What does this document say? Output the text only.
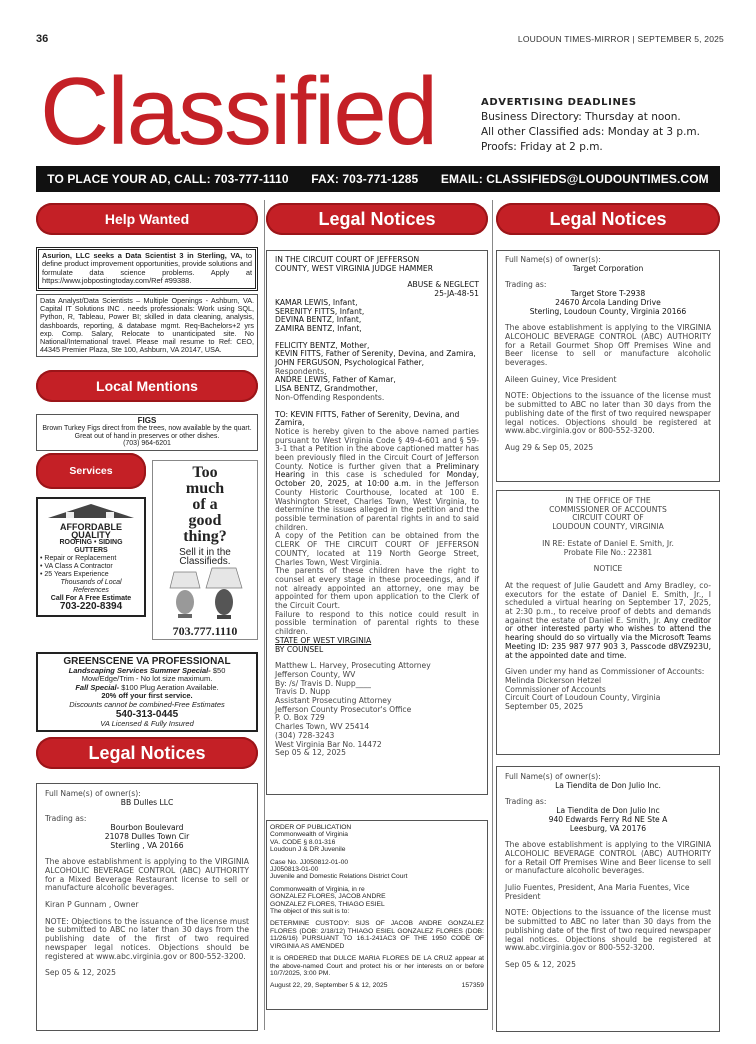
36	LOUDOUN TIMES-MIRROR | SEPTEMBER 5, 2025
Classified	ADVERTISING DEADLINES
Business Directory: Thursday at noon.
All other Classified ads: Monday at 3 p.m.
Proofs: Friday at 2 p.m.
TO PLACE YOUR AD, CALL: 703-777-1110 FAX: 703-771-1285 EMAIL: CLASSIFIEDS@LOUDOUNTIMES.COM
Help Wanted
Asurion, LLC seeks a Data Scientist 3 in Sterling, VA, to define product improvement opportunities, provide solutions and formulate data science problems. Apply at https://www.jobpostingtoday.com/Ref #99388.
Data Analyst/Data Scientists – Multiple Openings - Ashburn, VA. Capital IT Solutions INC . needs professionals: Work using SQL, Python, R, Tableau, Power BI; skilled in data cleaning, analysis, dashboards, reporting, & database mgmt. Req-Bachelors+2 yrs exp. Comp. Salary, Relocate to unanticipated site. No National/International travel. Please mail resume to Ref: CEO, 44345 Premier Plaza, Ste 100, Ashburn, VA 20147, USA.
Local Mentions
FIGS
Brown Turkey Figs direct from the trees, now available by the quart. Great out of hand in preserves or other dishes.
(703) 964-6201
Services
AFFORDABLE
QUALITY
ROOFING • SIDING
GUTTERS
• Repair or Replacement
• VA Class A Contractor
• 25 Years Experience
Thousands of Local
References
Call For A Free Estimate
703-220-8394
Too
much
of a
good
thing?
Sell it in the
Classifieds.
703.777.1110
GREENSCENE VA PROFESSIONAL
Landscaping Services Summer Special- $50
Mow/Edge/Trim - No lot size maximum.
Fall Special- $100 Plug Aeration Available.
20% off your first service.
Discounts cannot be combined-Free Estimates
540-313-0445
VA Licensed & Fully Insured
Legal Notices

Full Name(s) of owner(s):

BB Dulles LLC

Trading as:

Bourbon Boulevard

21078 Dulles Town Cir

Sterling , VA 20166

The above establishment is applying to the VIRGINIA ALCOHOLIC BEVERAGE CONTROL (ABC) AUTHORITY for a Mixed Beverage Restaurant license to sell or manufacture alcoholic beverages.

Kiran P Gunnam , Owner

NOTE: Objections to the issuance of the license must be submitted to ABC no later than 30 days from the publishing date of the first of two required newspaper legal notices. Objections should be registered at www.abc.virginia.gov or 800-552-3200.

Sep 05 & 12, 2025

Legal Notices

IN THE CIRCUIT COURT OF JEFFERSON

COUNTY, WEST VIRGINIA JUDGE HAMMER

ABUSE & NEGLECT

25-JA-48-51

KAMAR LEWIS, Infant,

SERENITY FITTS, Infant,

DEVINA BENTZ, Infant,

ZAMIRA BENTZ, Infant,

FELICITY BENTZ, Mother,

KEVIN FITTS, Father of Serenity, Devina, and Zamira,

JOHN FERGUSON, Psychological Father,

Respondents,

ANDRE LEWIS, Father of Kamar,

LISA BENTZ, Grandmother,

Non-Offending Respondents.

TO: KEVIN FITTS, Father of Serenity, Devina, and Zamira,

Notice is hereby given to the above named parties pursuant to West Virginia Code § 49-4-601 and § 59-3-1 that a Petition in the above captioned matter has been previously filed in the Circuit Court of Jefferson County. Notice is further given that a Preliminary Hearing in this case is scheduled for Monday, October 20, 2025, at 10:00 a.m. in the Jefferson County Historic Courthouse, located at 100 E. Washington Street, Charles Town, West Virginia, to determine the issues alleged in the petition and the possible termination of parental rights in and to said children.

A copy of the Petition can be obtained from the CLERK OF THE CIRCUIT COURT OF JEFFERSON COUNTY, located at 119 North George Street, Charles Town, West Virginia.

The parents of these children have the right to counsel at every stage in these proceedings, and if not already appointed an attorney, one may be appointed for them upon application to the Clerk of the Circuit Court.

Failure to respond to this notice could result in possible termination of parental rights to these children.

STATE OF WEST VIRGINIA

BY COUNSEL

Matthew L. Harvey, Prosecuting Attorney

Jefferson County, WV

By: /s/ Travis D. Nupp____

Travis D. Nupp

Assistant Prosecuting Attorney

Jefferson County Prosecutor's Office

P. O. Box 729

Charles Town, WV 25414

(304) 728-3243

West Virginia Bar No. 14472

Sep 05 & 12, 2025

ORDER OF PUBLICATION
Commonwealth of Virginia
VA. CODE § 8.01-316
Loudoun J & DR Juvenile
Case No. JJ050812-01-00
JJ050813-01-00
Juvenile and Domestic Relations District Court
Commonwealth of Virginia, in re
GONZALEZ FLORES, JACOB ANDRE
GONZALEZ FLORES, THIAGO ESIEL
The object of this suit is to:
DETERMINE CUSTODY: SIJS OF JACOB ANDRE GONZALEZ FLORES (DOB: 2/18/12) THIAGO ESIEL GONZALEZ FLORES (DOB: 11/26/16) PURSUANT TO 16.1-241AC3 OF THE 1950 CODE OF VIRGINIA AS AMENDED
It is ORDERED that DULCE MARIA FLORES DE LA CRUZ appear at the above-named Court and protect his or her interests on or before 10/7/2025, 3:00 PM.
August 22, 29, September 5 & 12, 2025	157359
Legal Notices

Full Name(s) of owner(s):

Target Corporation

Trading as:

Target Store T-2938

24670 Arcola Landing Drive

Sterling, Loudoun County, Virginia 20166

The above establishment is applying to the VIRGINIA ALCOHOLIC BEVERAGE CONTROL (ABC) AUTHORITY for a Retail Gourmet Shop Off Premises Wine and Beer license to sell or manufacture alcoholic beverages.

Aileen Guiney, Vice President

NOTE: Objections to the issuance of the license must be submitted to ABC no later than 30 days from the publishing date of the first of two required newspaper legal notices. Objections should be registered at www.abc.virginia.gov or 800-552-3200.

Aug 29 & Sep 05, 2025

IN THE OFFICE OF THE

COMMISSIONER OF ACCOUNTS

CIRCUIT COURT OF

LOUDOUN COUNTY, VIRGINIA

IN RE: Estate of Daniel E. Smith, Jr.

Probate File No.: 22381

NOTICE

At the request of Julie Gaudett and Amy Bradley, co-executors for the estate of Daniel E. Smith, Jr., I scheduled a virtual hearing on September 17, 2025, at 2:30 p.m., to receive proof of debts and demands against the estate of Daniel E. Smith, Jr. Any creditor or other interested party who wishes to attend the hearing should do so virtually via the Microsoft Teams Meeting ID: 235 987 977 903 3, Passcode d8VZ923U, at the appointed date and time.

Given under my hand as Commissioner of Accounts:

Melinda Dickerson Hetzel

Commissioner of Accounts

Circuit Court of Loudoun County, Virginia

September 05, 2025

Full Name(s) of owner(s):

La Tiendita de Don Julio Inc.

Trading as:

La Tiendita de Don Julio Inc

940 Edwards Ferry Rd NE Ste A

Leesburg, VA 20176

The above establishment is applying to the VIRGINIA ALCOHOLIC BEVERAGE CONTROL (ABC) AUTHORITY for a Retail Off Premises Wine and Beer license to sell or manufacture alcoholic beverages.

Julio Fuentes, President, Ana Maria Fuentes, Vice President

NOTE: Objections to the issuance of the license must be submitted to ABC no later than 30 days from the publishing date of the first of two required newspaper legal notices. Objections should be registered at www.abc.virginia.gov or 800-552-3200.

Sep 05 & 12, 2025
